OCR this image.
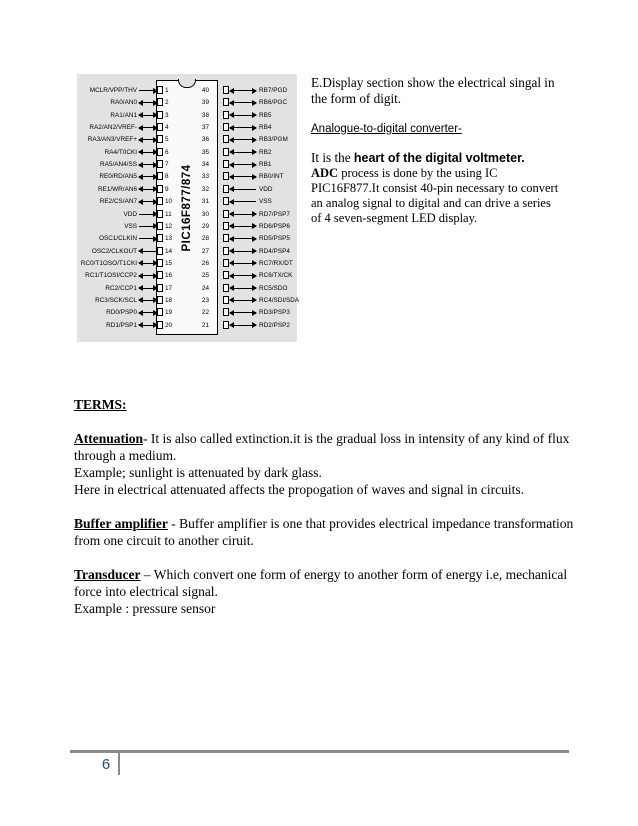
PIC16F877/874
MCLR/VPP/THV	1	40	RB7/PGD
RA0/AN0	2	39	RB6/PGC
RA1/AN1	3	38	RB5
RA2/AN2/VREF-	4	37	RB4
RA3/AN3/VREF+	5	36	RB3/PGM
RA4/T0CKI	6	35	RB2
RA5/AN4/SS	7	34	RB1
RE0/RD/AN5	8	33	RB0/INT
RE1/WR/AN6	9	32	VDD
RE2/CS/AN7	10	31	VSS
VDD	11	30	RD7/PSP7
VSS	12	29	RD6/PSP6
OSC1/CLKIN	13	28	RD5/PSP5
OSC2/CLKOUT	14	27	RD4/PSP4
RC0/T1OSO/T1CKI	15	26	RC7/RX/DT
RC1/T1OSI/CCP2	16	25	RC6/TX/CK
RC2/CCP1	17	24	RC5/SDO
RC3/SCK/SCL	18	23	RC4/SDI/SDA
RD0/PSP0	19	22	RD3/PSP3
RD1/PSP1	20	21	RD2/PSP2

E.Display section show the electrical singal in the form of digit.

Analogue-to-digital converter-

It is the heart of the digital voltmeter.

ADC process is done by the using IC PIC16F877.It consist 40-pin necessary to convert an analog signal to digital and can drive a series of 4 seven-segment LED display.

TERMS:

Attenuation- It is also called extinction.it is the gradual loss in intensity of any kind of flux through a medium.

Example; sunlight is attenuated by dark glass.

Here in electrical attenuated affects the propogation of waves and signal in circuits.

Buffer amplifier - Buffer amplifier is one that provides electrical impedance transformation from one circuit to another ciruit.

Transducer – Which convert one form of energy to another form of energy i.e, mechanical force into electrical signal.

Example : pressure sensor

6
